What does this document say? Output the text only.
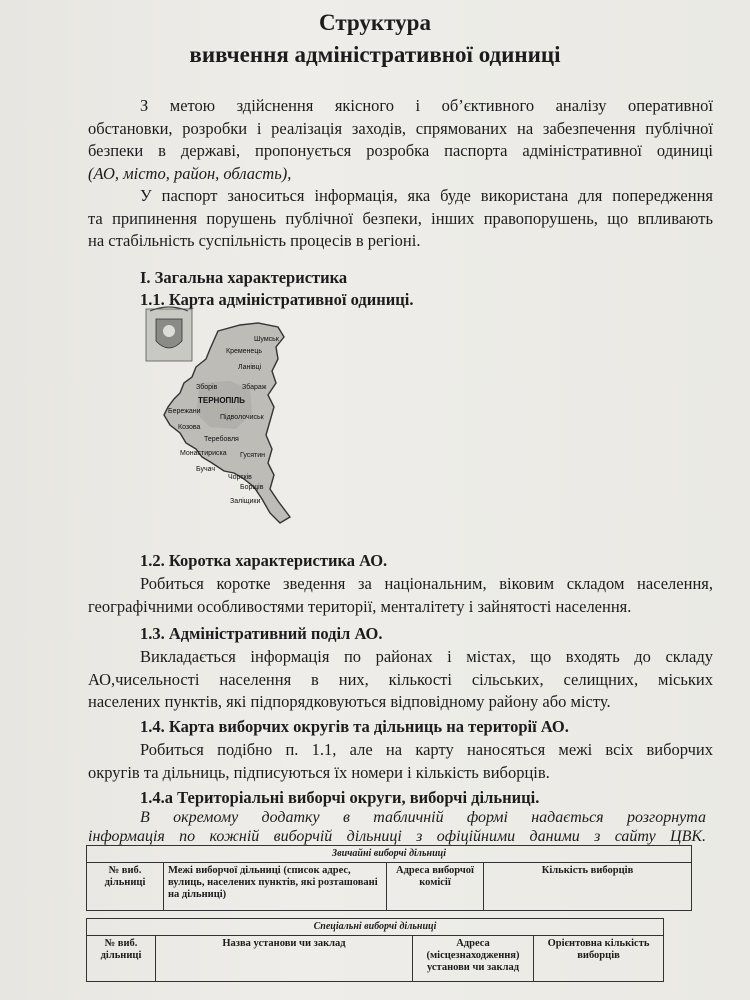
Структура
вивчення адміністративної одиниці
З метою здійснення якісного і об’єктивного аналізу оперативної
обстановки, розробки і реалізація заходів, спрямованих на забезпечення публічної
безпеки в державі, пропонується розробка паспорта адміністративної одиниці
(АО, місто, район, область),
У паспорт заноситься інформація, яка буде використана для попередження
та припинення порушень публічної безпеки, інших правопорушень, що впливають
на стабільність суспільність процесів в регіоні.
І. Загальна характеристика
1.1. Карта адміністративної одиниці.
Шумськ
Кременець
Ланівці
Зборів	Збараж
ТЕРНОПІЛЬ
Бережани
Козова
Підволочиськ
Теребовля
Монастириска Гусятин
Бучач
Чортків
Борщів
Заліщики
1.2. Коротка характеристика АО.
Робиться коротке зведення за національним, віковим складом населення,
географічними особливостями території, менталітету і зайнятості населення.
1.3. Адміністративний поділ АО.
Викладається інформація по районах і містах, що входять до складу
АО,чисельності населення в них, кількості сільських, селищних, міських
населених пунктів, які підпорядковуються відповідному району або місту.
1.4. Карта виборчих округів та дільниць на території АО.
Робиться подібно п. 1.1, але на карту наносяться межі всіх виборчих
округів та дільниць, підписуються їх номери і кількість виборців.
1.4.а Територіальні виборчі округи, виборчі дільниці.
В окремому додатку в табличній формі надається розгорнута
інформація по кожній виборчій дільниці з офіційними даними з сайту ЦВК.
Звичайні виборчі дільниці
№ виб. дільниці	Межі виборчої дільниці (список адрес, вулиць, населених пунктів, які розташовані на дільниці)	Адреса виборчої комісії	Кількість виборців
Спеціальні виборчі дільниці
№ виб. дільниці	Назва установи чи заклад	Адреса (місцезнаходження) установи чи заклад	Орієнтовна кількість виборців
